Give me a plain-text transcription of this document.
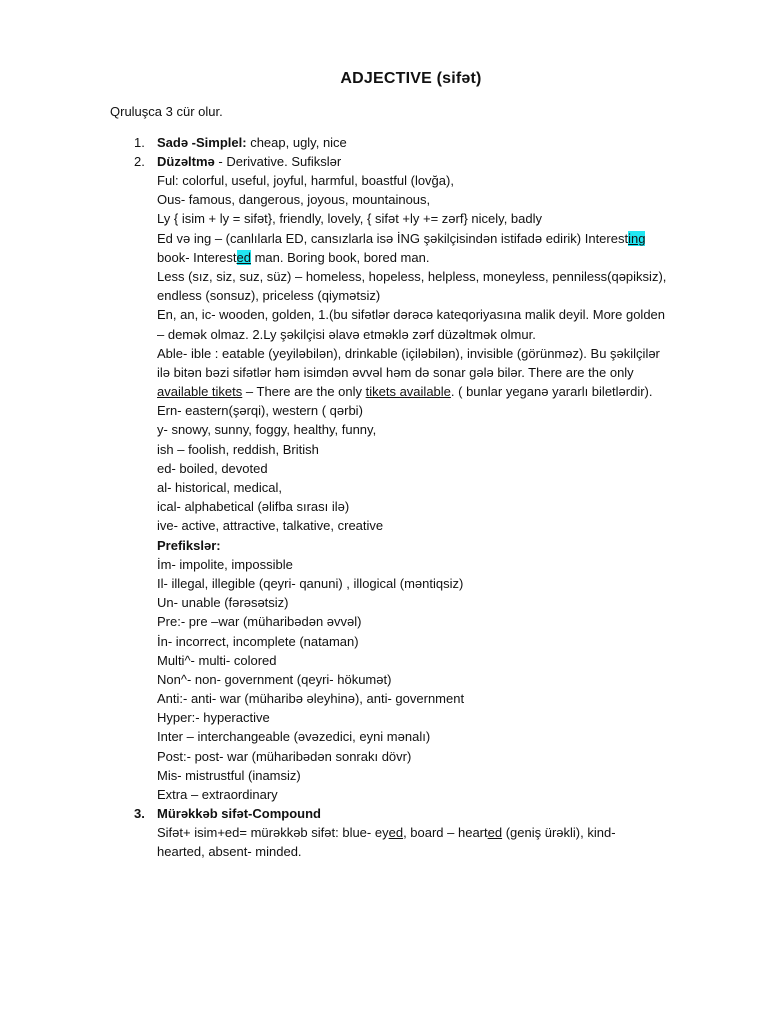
ADJECTIVE (sifət)
Qruluşca 3 cür olur.
1. Sadə -Simplel: cheap, ugly, nice
2. Düzəltmə - Derivative. Sufikslər
Ful: colorful, useful, joyful, harmful, boastful (lovğa),
Ous- famous, dangerous, joyous, mountainous,
Ly { isim + ly = sifət}, friendly, lovely, { sifət +ly += zərf} nicely, badly
Ed və ing – (canlılarla ED, cansızlarla isə İNG şəkilçisindən istifadə edirik) Interesting
book- Interested man. Boring book, bored man.
Less (sız, siz, suz, süz) – homeless, hopeless, helpless, moneyless, penniless(qəpiksiz),
endless (sonsuz), priceless (qiymətsiz)
En, an, ic- wooden, golden, 1.(bu sifətlər dərəcə kateqoriyasına malik deyil. More golden
– demək olmaz. 2.Ly şəkilçisi əlavə etməklə zərf düzəltmək olmur.
Able- ible : eatable (yeyiləbilən), drinkable (içiləbilən), invisible (görünməz). Bu şəkilçilər
ilə bitən bəzi sifətlər həm isimdən əvvəl həm də sonar gələ bilər. There are the only
available tikets – There are the only tikets available. ( bunlar yeganə yararlı biletlərdir).
Ern- eastern(şərqi), western ( qərbi)
y- snowy, sunny, foggy, healthy, funny,
ish – foolish, reddish, British
ed- boiled, devoted
al- historical, medical,
ical- alphabetical (əlifba sırası ilə)
ive- active, attractive, talkative, creative
Prefikslər:
İm- impolite, impossible
Il- illegal, illegible (qeyri- qanuni) , illogical (məntiqsiz)
Un- unable (fərəsətsiz)
Pre:- pre –war (müharibədən əvvəl)
İn- incorrect, incomplete (nataman)
Multi^- multi- colored
Non^- non- government (qeyri- hökumət)
Anti:- anti- war (müharibə əleyhinə), anti- government
Hyper:- hyperactive
Inter – interchangeable (əvəzedici, eyni mənalı)
Post:- post- war (müharibədən sonrakı dövr)
Mis- mistrustful (inamsiz)
Extra – extraordinary
3. Mürəkkəb sifət-Compound
Sifət+ isim+ed= mürəkkəb sifət: blue- eyed, board – hearted (geniş ürəkli), kind-
hearted, absent- minded.
